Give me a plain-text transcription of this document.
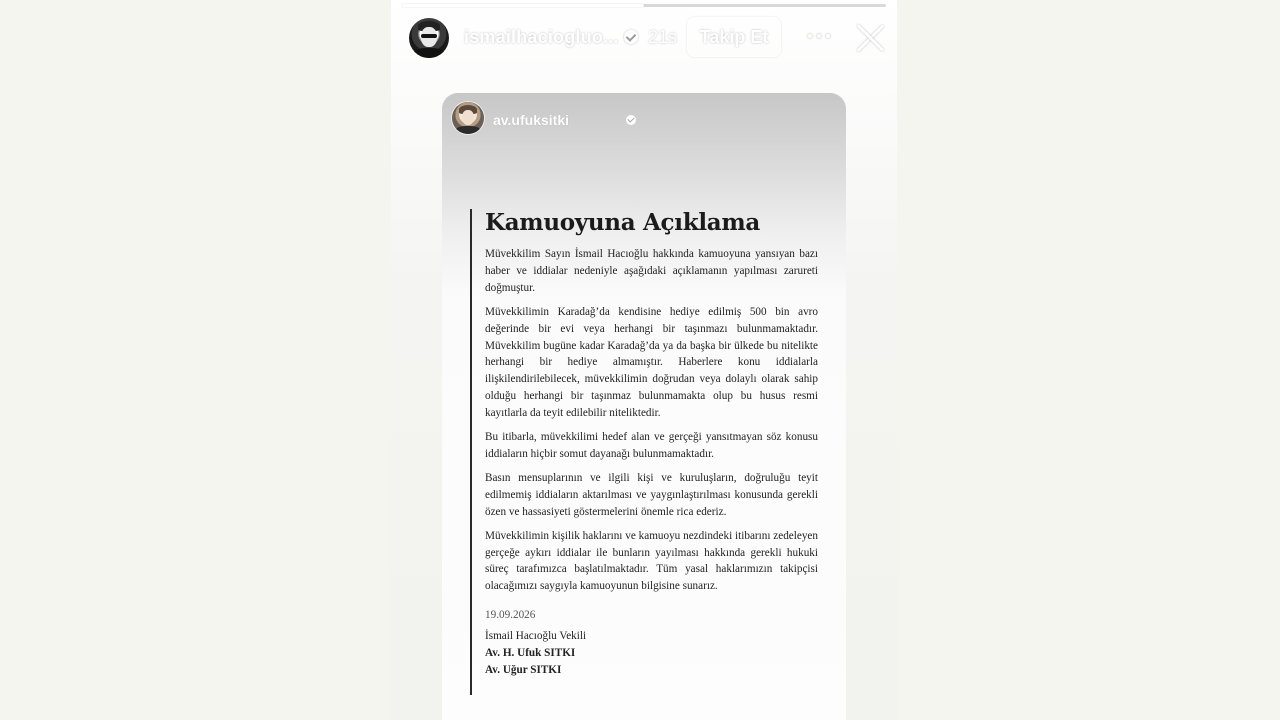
ismailhaciogluo... 21s	Takip Et
av.ufuksitki
Kamuoyuna Açıklama

Müvekkilim Sayın İsmail Hacıoğlu hakkında kamuoyuna yansıyan bazı haber ve iddialar nedeniyle aşağıdaki açıklamanın yapılması zarureti doğmuştur.

Müvekkilimin Karadağ’da kendisine hediye edilmiş 500 bin avro değerinde bir evi veya herhangi bir taşınmazı bulunmamaktadır. Müvekkilim bugüne kadar Karadağ’da ya da başka bir ülkede bu nitelikte herhangi bir hediye almamıştır. Haberlere konu iddialarla ilişkilendirilebilecek, müvekkilimin doğrudan veya dolaylı olarak sahip olduğu herhangi bir taşınmaz bulunmamakta olup bu husus resmi kayıtlarla da teyit edilebilir niteliktedir.

Bu itibarla, müvekkilimi hedef alan ve gerçeği yansıtmayan söz konusu iddiaların hiçbir somut dayanağı bulunmamaktadır.

Basın mensuplarının ve ilgili kişi ve kuruluşların, doğruluğu teyit edilmemiş iddiaların aktarılması ve yaygınlaştırılması konusunda gerekli özen ve hassasiyeti göstermelerini önemle rica ederiz.

Müvekkilimin kişilik haklarını ve kamuoyu nezdindeki itibarını zedeleyen gerçeğe aykırı iddialar ile bunların yayılması hakkında gerekli hukuki süreç tarafımızca başlatılmaktadır. Tüm yasal haklarımızın takipçisi olacağımızı saygıyla kamuoyunun bilgisine sunarız.

19.09.2026
İsmail Hacıoğlu Vekili
Av. H. Ufuk SITKI
Av. Uğur SITKI
